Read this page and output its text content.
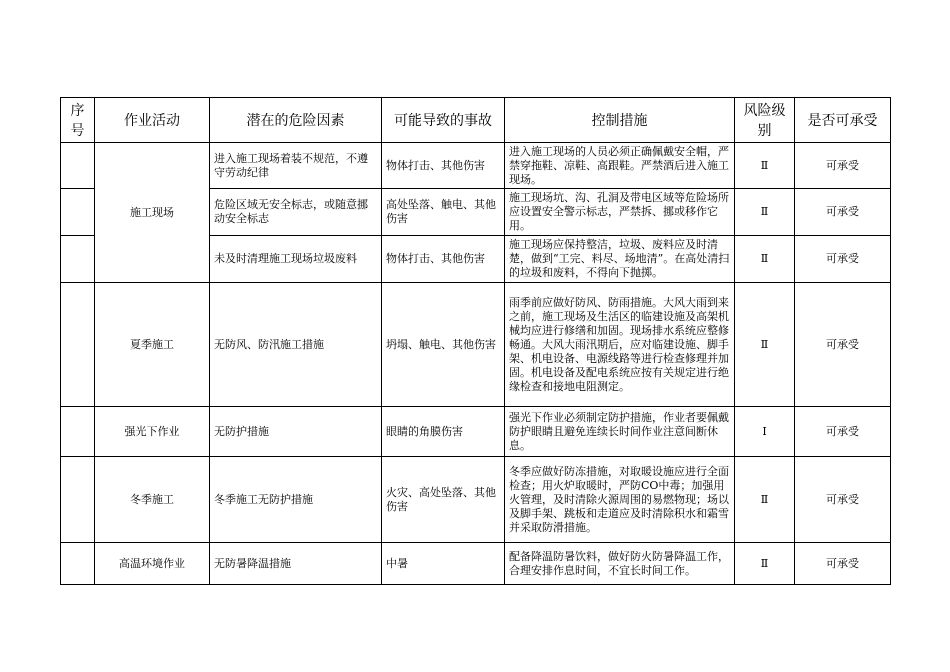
序号	作业活动	潜在的危险因素	可能导致的事故	控制措施	风险级别	是否可承受
	施工现场	进入施工现场着装不规范，不遵守劳动纪律	物体打击、其他伤害	进入施工现场的人员必须正确佩戴安全帽，严禁穿拖鞋、凉鞋、高跟鞋。严禁酒后进入施工现场。	Ⅱ	可承受
		危险区域无安全标志，或随意挪动安全标志	高处坠落、触电、其他伤害	施工现场坑、沟、孔洞及带电区域等危险场所应设置安全警示标志，严禁拆、挪或移作它用。	Ⅱ	可承受
		未及时清理施工现场垃圾废料	物体打击、其他伤害	施工现场应保持整洁，垃圾、废料应及时清楚，做到“工完、料尽、场地清”。在高处清扫的垃圾和废料，不得向下抛掷。	Ⅱ	可承受
	夏季施工	无防风、防汛施工措施	坍塌、触电、其他伤害	雨季前应做好防风、防雨措施。大风大雨到来之前，施工现场及生活区的临建设施及高架机械均应进行修缮和加固。现场排水系统应整修畅通。大风大雨汛期后，应对临建设施、脚手架、机电设备、电源线路等进行检查修理并加固。机电设备及配电系统应按有关规定进行绝缘检查和接地电阻测定。	Ⅱ	可承受
	强光下作业	无防护措施	眼睛的角膜伤害	强光下作业必须制定防护措施，作业者要佩戴防护眼睛且避免连续长时间作业注意间断休息。	Ⅰ	可承受
	冬季施工	冬季施工无防护措施	火灾、高处坠落、其他伤害	冬季应做好防冻措施，对取暖设施应进行全面检查；用火炉取暖时，严防CO中毒；加强用火管理，及时清除火源周围的易燃物现；场以及脚手架、跳板和走道应及时清除积水和霜雪并采取防滑措施。	Ⅱ	可承受
	高温环境作业	无防暑降温措施	中暑	配备降温防暑饮料，做好防火防暑降温工作，合理安排作息时间，不宜长时间工作。	Ⅱ	可承受
